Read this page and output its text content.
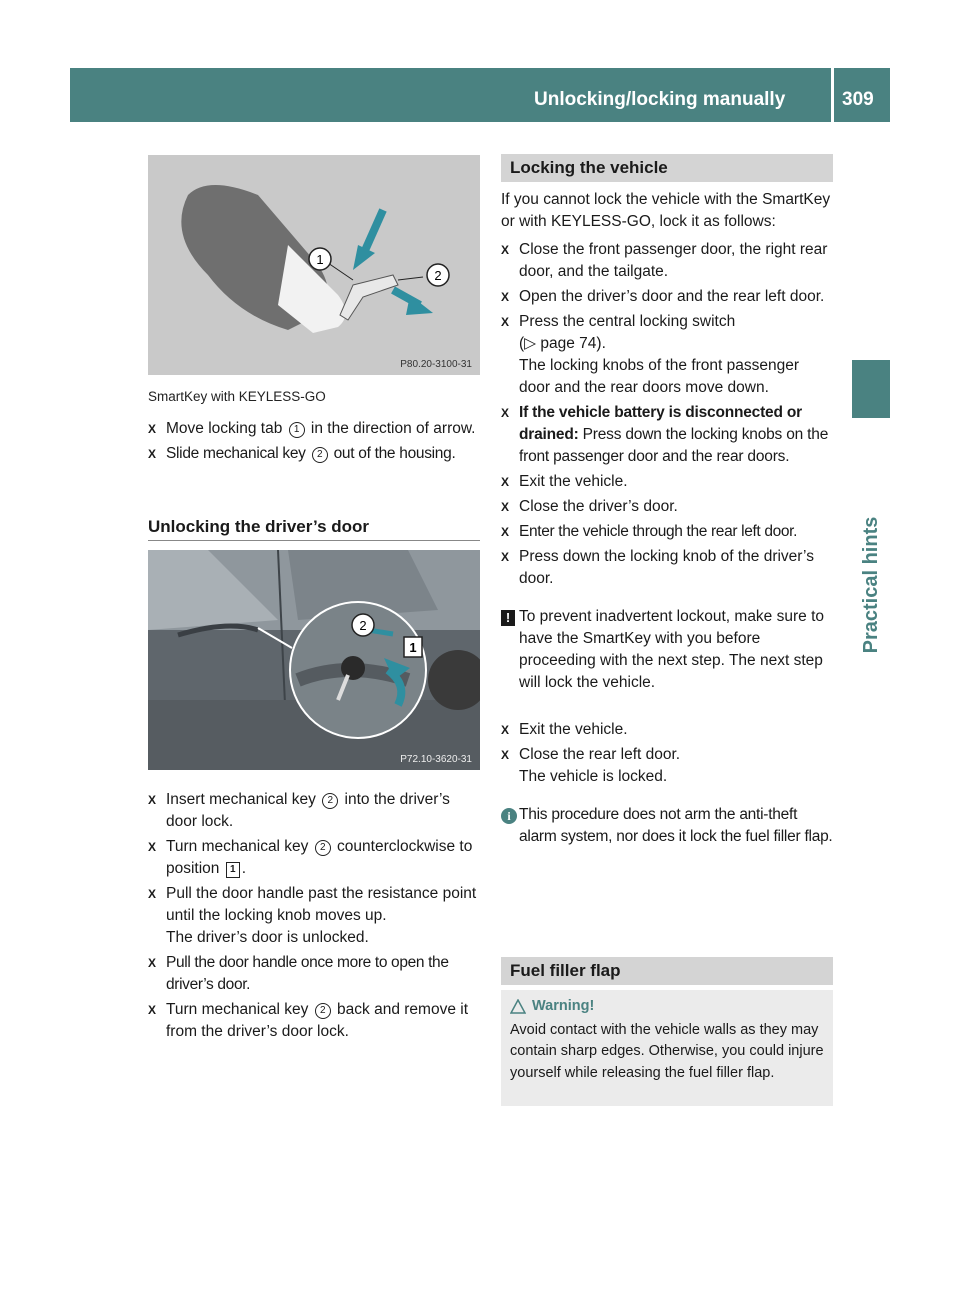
Unlocking/locking manually	309
Practical hints
1
2
P80.20-3100-31
SmartKey with KEYLESS-GO
X Move locking tab 1 in the direction of arrow.

X Slide mechanical key 2 out of the housing.

Unlocking the driver’s door
2
1
P72.10-3620-31
X Insert mechanical key 2 into the driver’s door lock.

X Turn mechanical key 2 counterclockwise to position 1 .

X Pull the door handle past the resistance point until the locking knob moves up.

The driver’s door is unlocked.

X Pull the door handle once more to open the driver’s door.

X Turn mechanical key 2 back and remove it from the driver’s door lock.

Locking the vehicle

If you cannot lock the vehicle with the SmartKey or with KEYLESS-GO, lock it as follows:

X Close the front passenger door, the right rear door, and the tailgate.

X Open the driver’s door and the rear left door.

X Press the central locking switch

(▷ page 74).

The locking knobs of the front passenger door and the rear doors move down.

X If the vehicle battery is disconnected or drained: Press down the locking knobs on the front passenger door and the rear doors.

X Exit the vehicle.

X Close the driver’s door.

X Enter the vehicle through the rear left door.

X Press down the locking knob of the driver’s door.

! To prevent inadvertent lockout, make sure to have the SmartKey with you before proceeding with the next step. The next step will lock the vehicle.

X Exit the vehicle.

X Close the rear left door.

The vehicle is locked.

i This procedure does not arm the anti-theft alarm system, nor does it lock the fuel filler flap.

Fuel filler flap
Warning!

Avoid contact with the vehicle walls as they may contain sharp edges. Otherwise, you could injure yourself while releasing the fuel filler flap.
